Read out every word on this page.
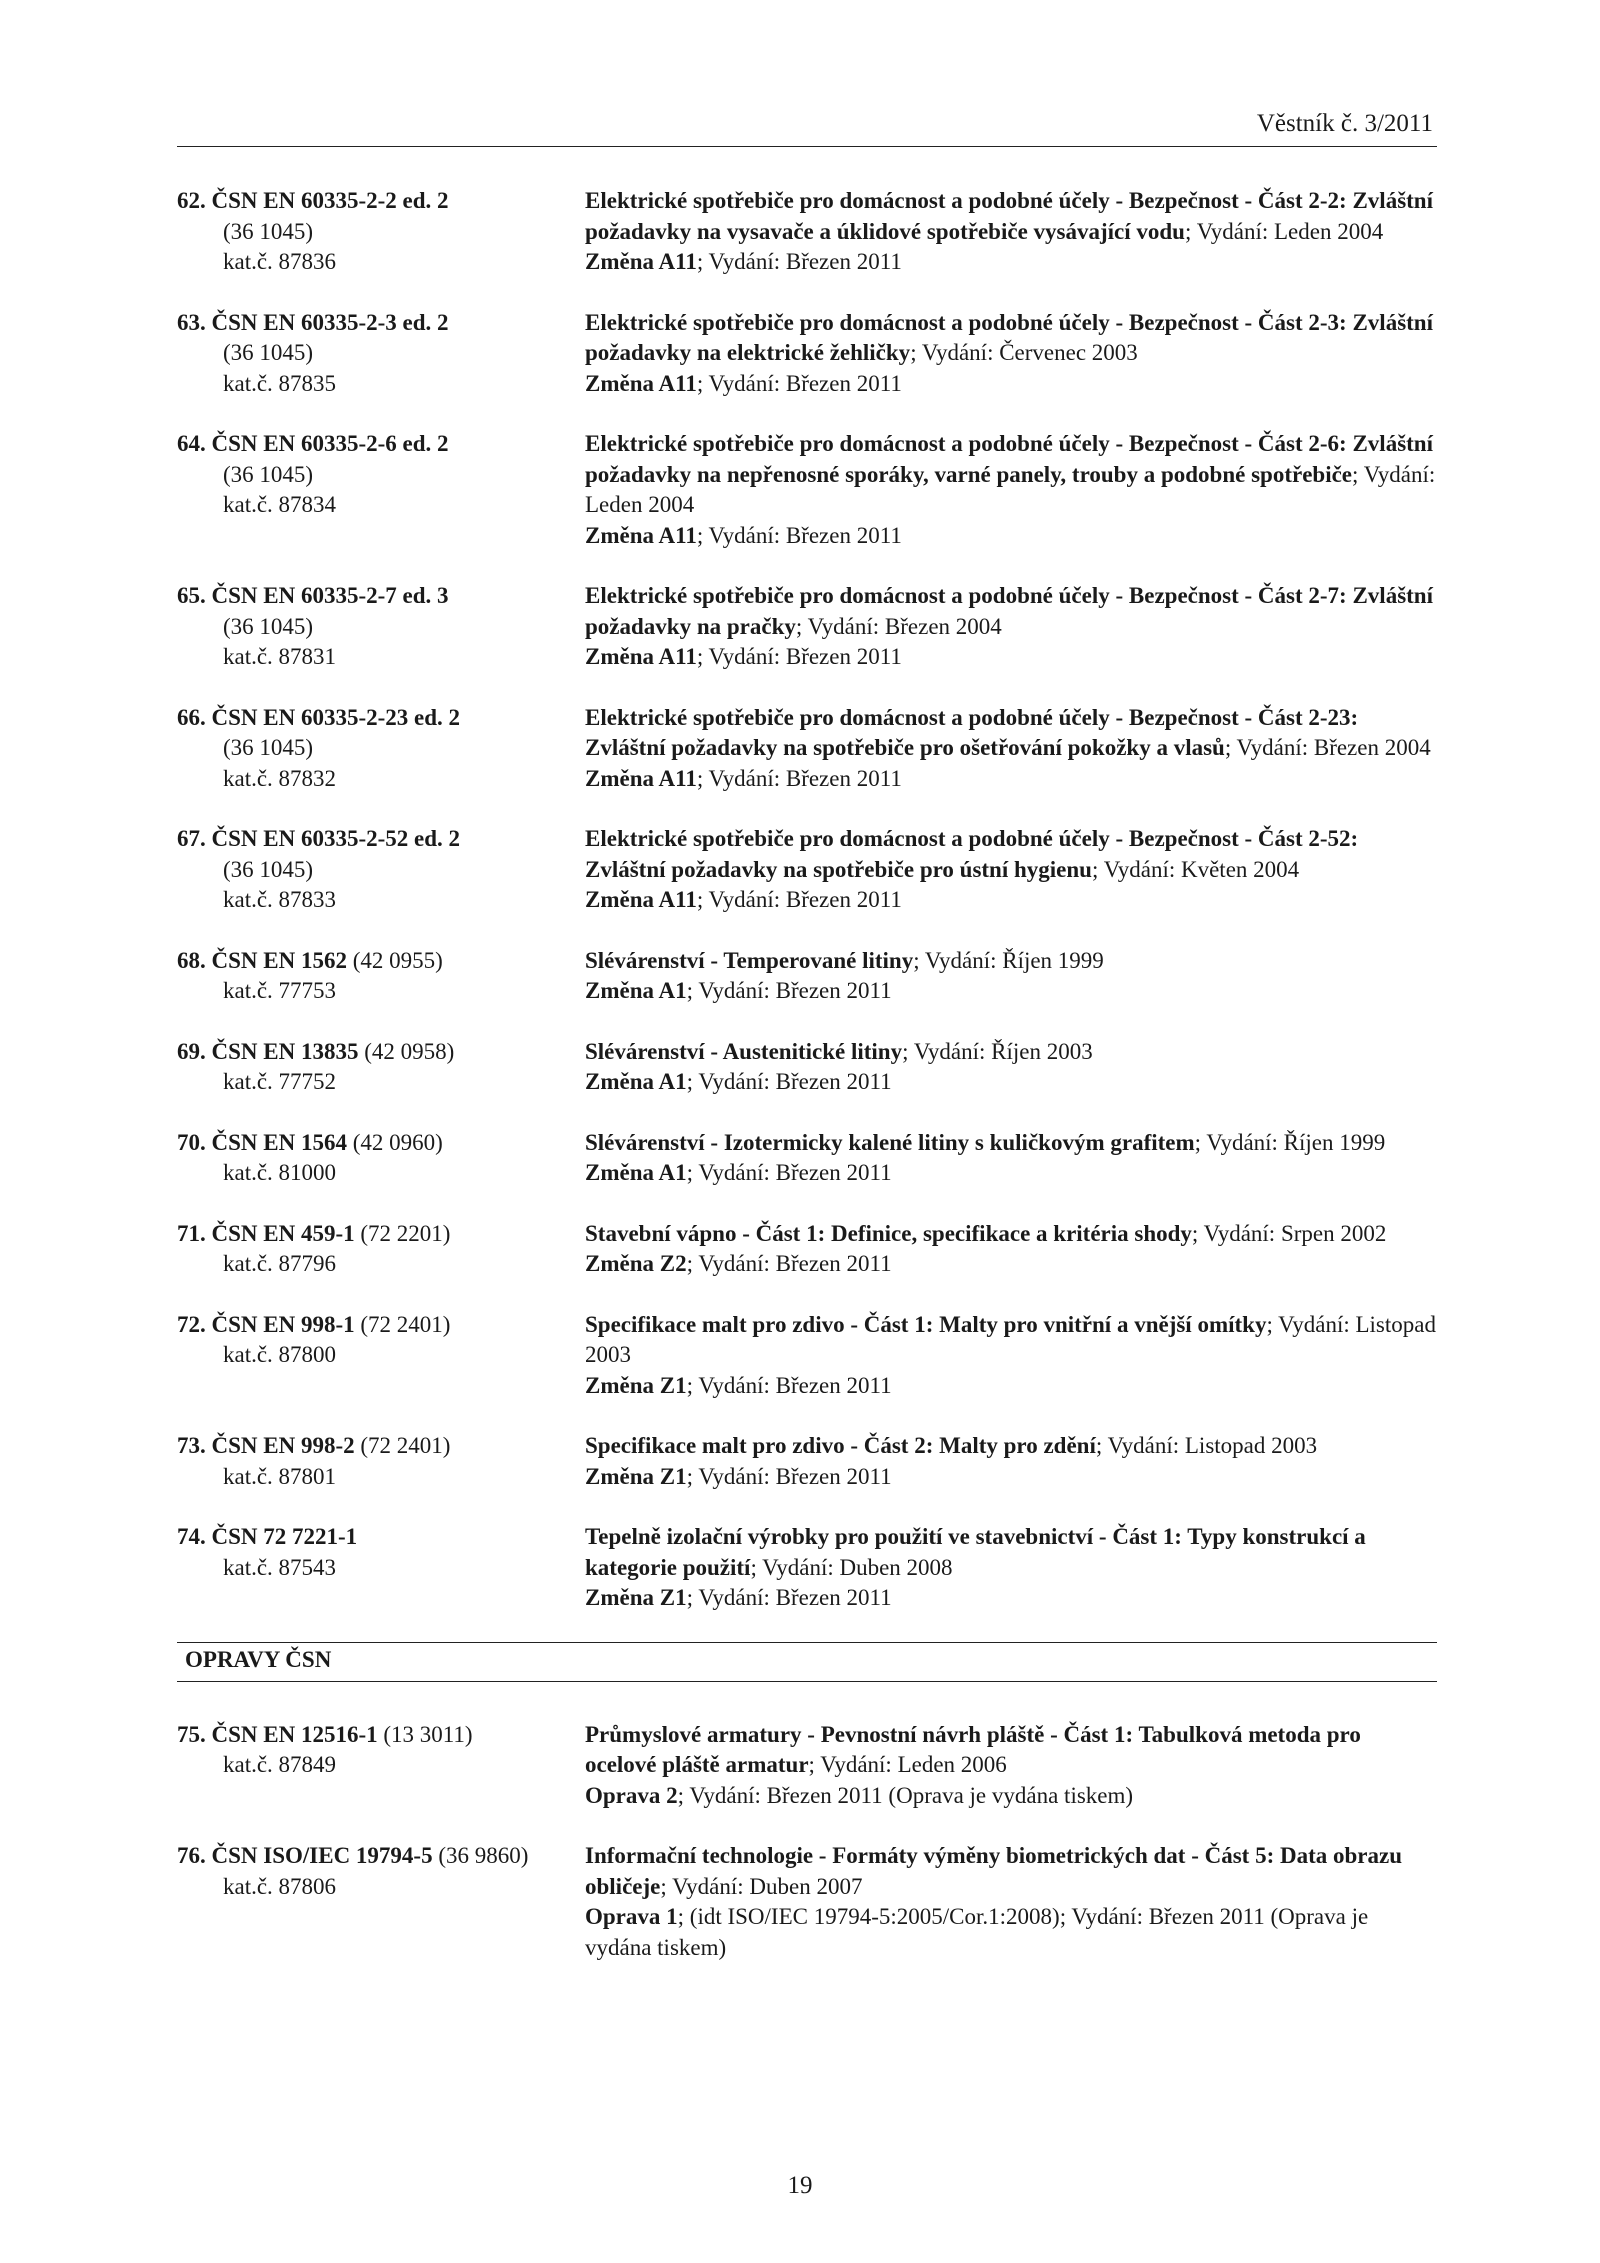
Věstník č. 3/2011
62. ČSN EN 60335-2-2 ed. 2
(36 1045)
kat.č. 87836
Elektrické spotřebiče pro domácnost a podobné účely - Bezpečnost - Část 2-2: Zvláštní požadavky na vysavače a úklidové spotřebiče vysávající vodu; Vydání: Leden 2004
Změna A11; Vydání: Březen 2011
63. ČSN EN 60335-2-3 ed. 2
(36 1045)
kat.č. 87835
Elektrické spotřebiče pro domácnost a podobné účely - Bezpečnost - Část 2-3: Zvláštní požadavky na elektrické žehličky; Vydání: Červenec 2003
Změna A11; Vydání: Březen 2011
64. ČSN EN 60335-2-6 ed. 2
(36 1045)
kat.č. 87834
Elektrické spotřebiče pro domácnost a podobné účely - Bezpečnost - Část 2-6: Zvláštní požadavky na nepřenosné sporáky, varné panely, trouby a podobné spotřebiče; Vydání: Leden 2004
Změna A11; Vydání: Březen 2011
65. ČSN EN 60335-2-7 ed. 3
(36 1045)
kat.č. 87831
Elektrické spotřebiče pro domácnost a podobné účely - Bezpečnost - Část 2-7: Zvláštní požadavky na pračky; Vydání: Březen 2004
Změna A11; Vydání: Březen 2011
66. ČSN EN 60335-2-23 ed. 2
(36 1045)
kat.č. 87832
Elektrické spotřebiče pro domácnost a podobné účely - Bezpečnost - Část 2-23: Zvláštní požadavky na spotřebiče pro ošetřování pokožky a vlasů; Vydání: Březen 2004
Změna A11; Vydání: Březen 2011
67. ČSN EN 60335-2-52 ed. 2
(36 1045)
kat.č. 87833
Elektrické spotřebiče pro domácnost a podobné účely - Bezpečnost - Část 2-52: Zvláštní požadavky na spotřebiče pro ústní hygienu; Vydání: Květen 2004
Změna A11; Vydání: Březen 2011
68. ČSN EN 1562 (42 0955)
kat.č. 77753
Slévárenství - Temperované litiny; Vydání: Říjen 1999
Změna A1; Vydání: Březen 2011
69. ČSN EN 13835 (42 0958)
kat.č. 77752
Slévárenství - Austenitické litiny; Vydání: Říjen 2003
Změna A1; Vydání: Březen 2011
70. ČSN EN 1564 (42 0960)
kat.č. 81000
Slévárenství - Izotermicky kalené litiny s kuličkovým grafitem; Vydání: Říjen 1999
Změna A1; Vydání: Březen 2011
71. ČSN EN 459-1 (72 2201)
kat.č. 87796
Stavební vápno - Část 1: Definice, specifikace a kritéria shody; Vydání: Srpen 2002
Změna Z2; Vydání: Březen 2011
72. ČSN EN 998-1 (72 2401)
kat.č. 87800
Specifikace malt pro zdivo - Část 1: Malty pro vnitřní a vnější omítky; Vydání: Listopad 2003
Změna Z1; Vydání: Březen 2011
73. ČSN EN 998-2 (72 2401)
kat.č. 87801
Specifikace malt pro zdivo - Část 2: Malty pro zdění; Vydání: Listopad 2003
Změna Z1; Vydání: Březen 2011
74. ČSN 72 7221-1
kat.č. 87543
Tepelně izolační výrobky pro použití ve stavebnictví - Část 1: Typy konstrukcí a kategorie použití; Vydání: Duben 2008
Změna Z1; Vydání: Březen 2011
OPRAVY ČSN
75. ČSN EN 12516-1 (13 3011)
kat.č. 87849
Průmyslové armatury - Pevnostní návrh pláště - Část 1: Tabulková metoda pro ocelové pláště armatur; Vydání: Leden 2006
Oprava 2; Vydání: Březen 2011 (Oprava je vydána tiskem)
76. ČSN ISO/IEC 19794-5 (36 9860)
kat.č. 87806
Informační technologie - Formáty výměny biometrických dat - Část 5: Data obrazu obličeje; Vydání: Duben 2007
Oprava 1; (idt ISO/IEC 19794-5:2005/Cor.1:2008); Vydání: Březen 2011 (Oprava je vydána tiskem)
19
